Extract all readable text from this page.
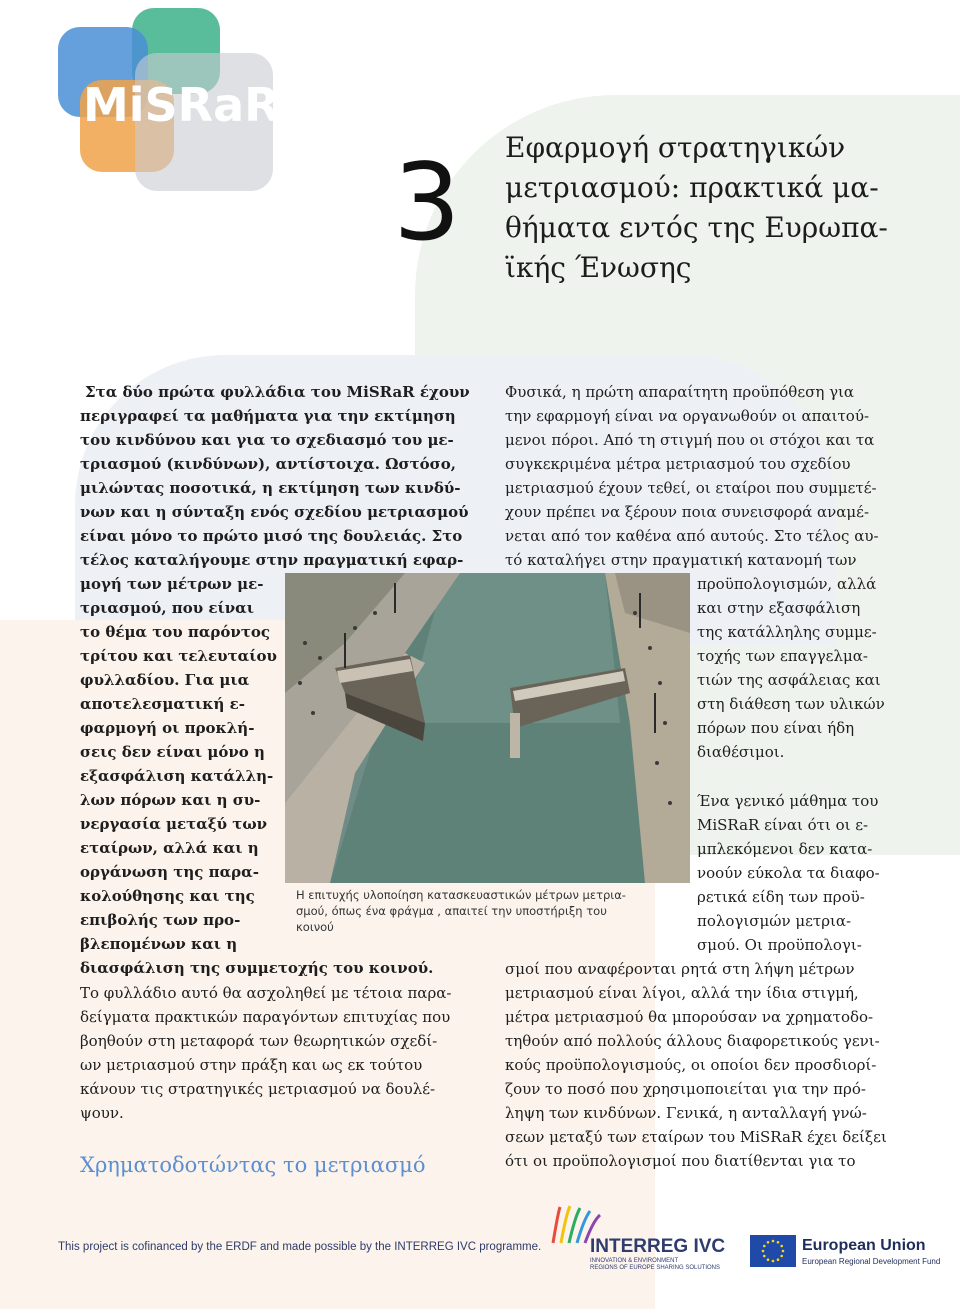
MiSRaR
3	Εφαρμογή στρατηγικών
μετριασμού: πρακτικά μα-
θήματα εντός της Ευρωπα-
ϊκής Ένωσης

Στα δύο πρώτα φυλλάδια του MiSRaR έχουν

περιγραφεί τα μαθήματα για την εκτίμηση

του κινδύνου και για το σχεδιασμό του με-

τριασμού (κινδύνων), αντίστοιχα. Ωστόσο,

μιλώντας ποσοτικά, η εκτίμηση των κινδύ-

νων και η σύνταξη ενός σχεδίου μετριασμού

είναι μόνο το πρώτο μισό της δουλειάς. Στο

τέλος καταλήγουμε στην πραγματική εφαρ-

μογή των μέτρων με-

τριασμού, που είναι

το θέμα του παρόντος

τρίτου και τελευταίου

φυλλαδίου. Για μια

αποτελεσματική ε-

φαρμογή οι προκλή-

σεις δεν είναι μόνο η

εξασφάλιση κατάλλη-

λων πόρων και η συ-

νεργασία μεταξύ των

εταίρων, αλλά και η

οργάνωση της παρα-

κολούθησης και της

επιβολής των προ-

βλεπομένων και η

διασφάλιση της συμμετοχής του κοινού.

Το φυλλάδιο αυτό θα ασχοληθεί με τέτοια παρα-

δείγματα πρακτικών παραγόντων επιτυχίας που

βοηθούν στη μεταφορά των θεωρητικών σχεδί-

ων μετριασμού στην πράξη και ως εκ τούτου

κάνουν τις στρατηγικές μετριασμού να δουλέ-

ψουν.

Χρηματοδοτώντας το μετριασμό

Φυσικά, η πρώτη απαραίτητη προϋπόθεση για

την εφαρμογή είναι να οργανωθούν οι απαιτού-

μενοι πόροι. Από τη στιγμή που οι στόχοι και τα

συγκεκριμένα μέτρα μετριασμού του σχεδίου

μετριασμού έχουν τεθεί, οι εταίροι που συμμετέ-

χουν πρέπει να ξέρουν ποια συνεισφορά αναμέ-

νεται από τον καθένα από αυτούς. Στο τέλος αυ-

τό καταλήγει στην πραγματική κατανομή των

προϋπολογισμών, αλλά

και στην εξασφάλιση

της κατάλληλης συμμε-

τοχής των επαγγελμα-

τιών της ασφάλειας και

στη διάθεση των υλικών

πόρων που είναι ήδη

διαθέσιμοι.

Ένα γενικό μάθημα του

MiSRaR είναι ότι οι ε-

μπλεκόμενοι δεν κατα-

νοούν εύκολα τα διαφο-

ρετικά είδη των προϋ-

πολογισμών μετρια-

σμού. Οι προϋπολογι-

σμοί που αναφέρονται ρητά στη λήψη μέτρων

μετριασμού είναι λίγοι, αλλά την ίδια στιγμή,

μέτρα μετριασμού θα μπορούσαν να χρηματοδο-

τηθούν από πολλούς άλλους διαφορετικούς γενι-

κούς προϋπολογισμούς, οι οποίοι δεν προσδιορί-

ζουν το ποσό που χρησιμοποιείται για την πρό-

ληψη των κινδύνων. Γενικά, η ανταλλαγή γνώ-

σεων μεταξύ των εταίρων του MiSRaR έχει δείξει

ότι οι προϋπολογισμοί που διατίθενται για το

Η επιτυχής υλοποίηση κατασκευαστικών μέτρων μετρια-
σμού, όπως ένα φράγμα , απαιτεί την υποστήριξη του
κοινού
This project is cofinanced by the ERDF and made possible by the INTERREG IVC programme.	INTERREG IVC
INNOVATION & ENVIRONMENT
REGIONS OF EUROPE SHARING SOLUTIONS
European Union
European Regional Development Fund
